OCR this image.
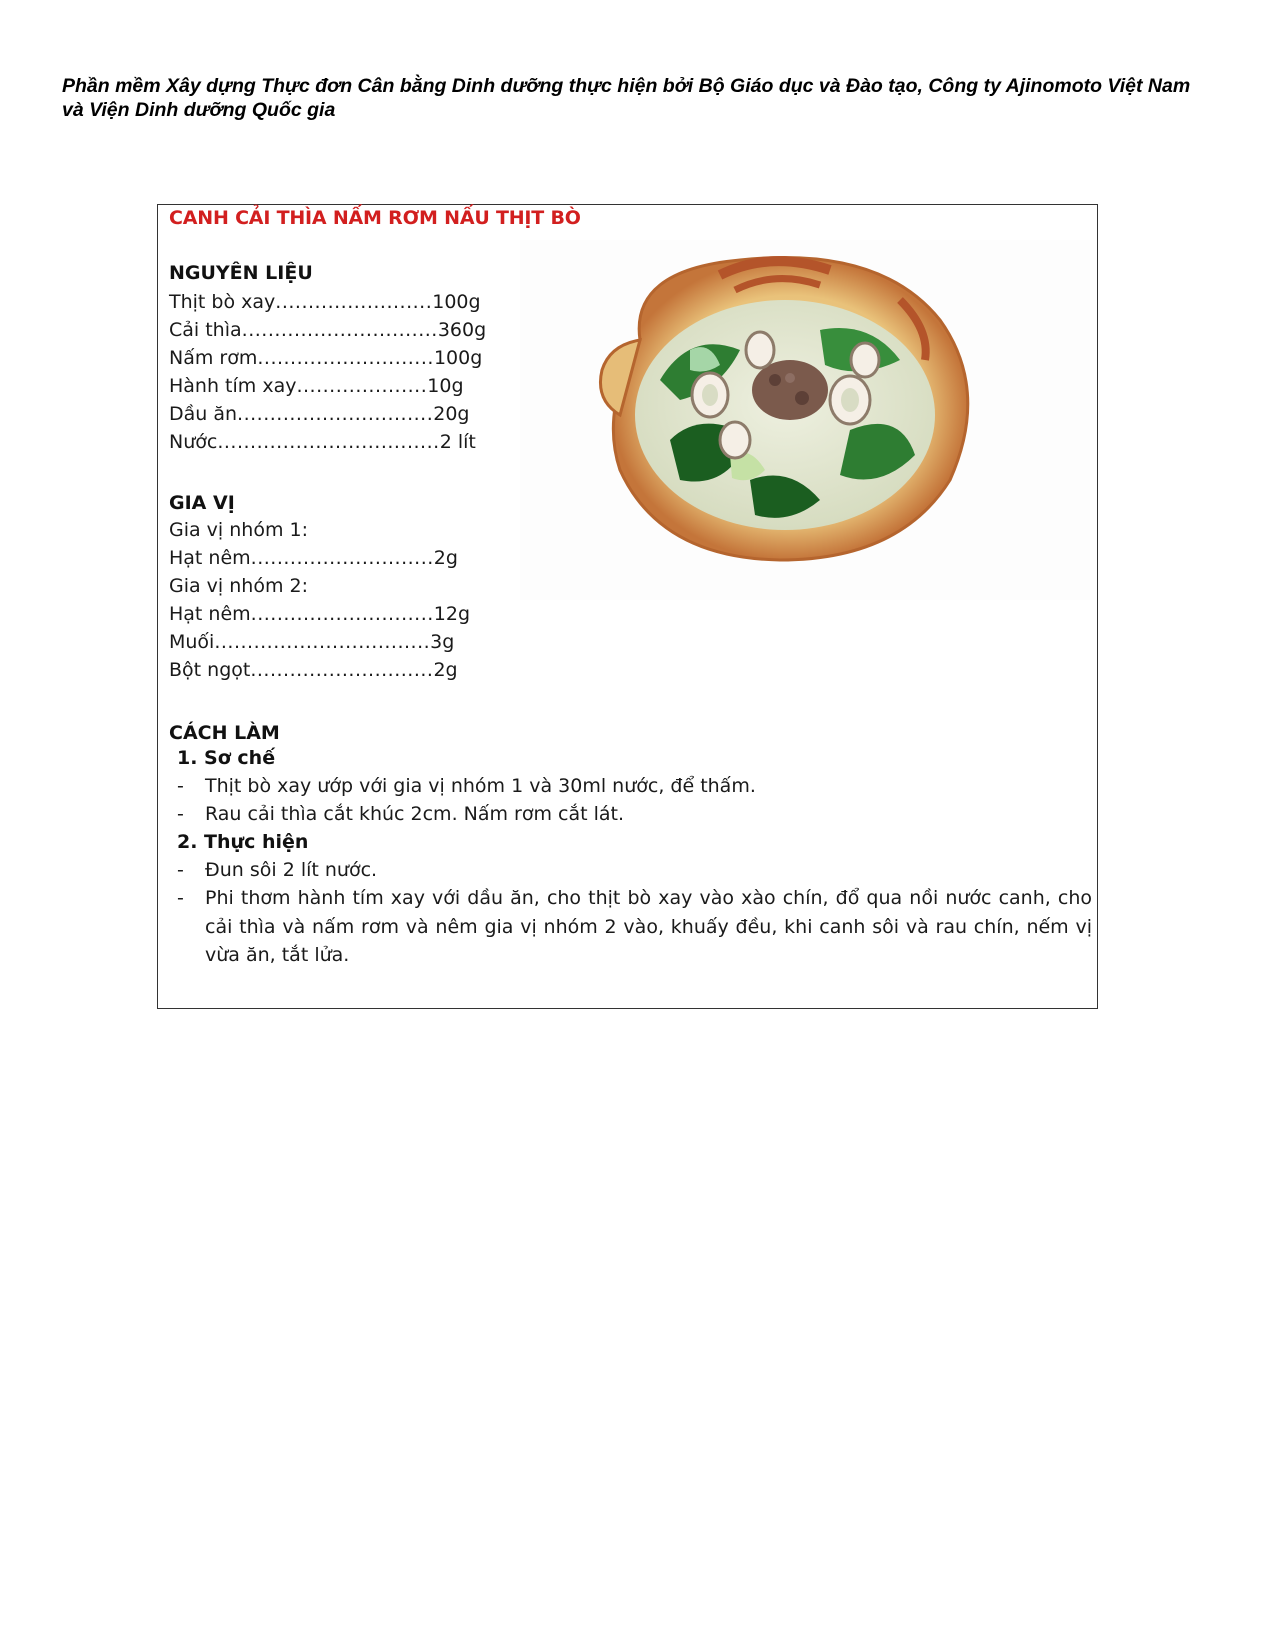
Phần mềm Xây dựng Thực đơn Cân bằng Dinh dưỡng thực hiện bởi Bộ Giáo dục và Đào tạo, Công ty Ajinomoto Việt Nam và Viện Dinh dưỡng Quốc gia
CANH CẢI THÌA NẤM RƠM NẤU THỊT BÒ
NGUYÊN LIỆU
Thịt bò xay........................100g
Cải thìa..............................360g
Nấm rơm...........................100g
Hành tím xay....................10g
Dầu ăn..............................20g
Nước..................................2 lít
GIA VỊ
Gia vị nhóm 1:
Hạt nêm............................2g
Gia vị nhóm 2:
Hạt nêm............................12g
Muối.................................3g
Bột ngọt............................2g
CÁCH LÀM
1. Sơ chế
- Thịt bò xay ướp với gia vị nhóm 1 và 30ml nước, để thấm.
- Rau cải thìa cắt khúc 2cm. Nấm rơm cắt lát.
2. Thực hiện
- Đun sôi 2 lít nước.
- Phi thơm hành tím xay với dầu ăn, cho thịt bò xay vào xào chín, đổ qua nồi nước canh, cho cải thìa và nấm rơm và nêm gia vị nhóm 2 vào, khuấy đều, khi canh sôi và rau chín, nếm vị vừa ăn, tắt lửa.
